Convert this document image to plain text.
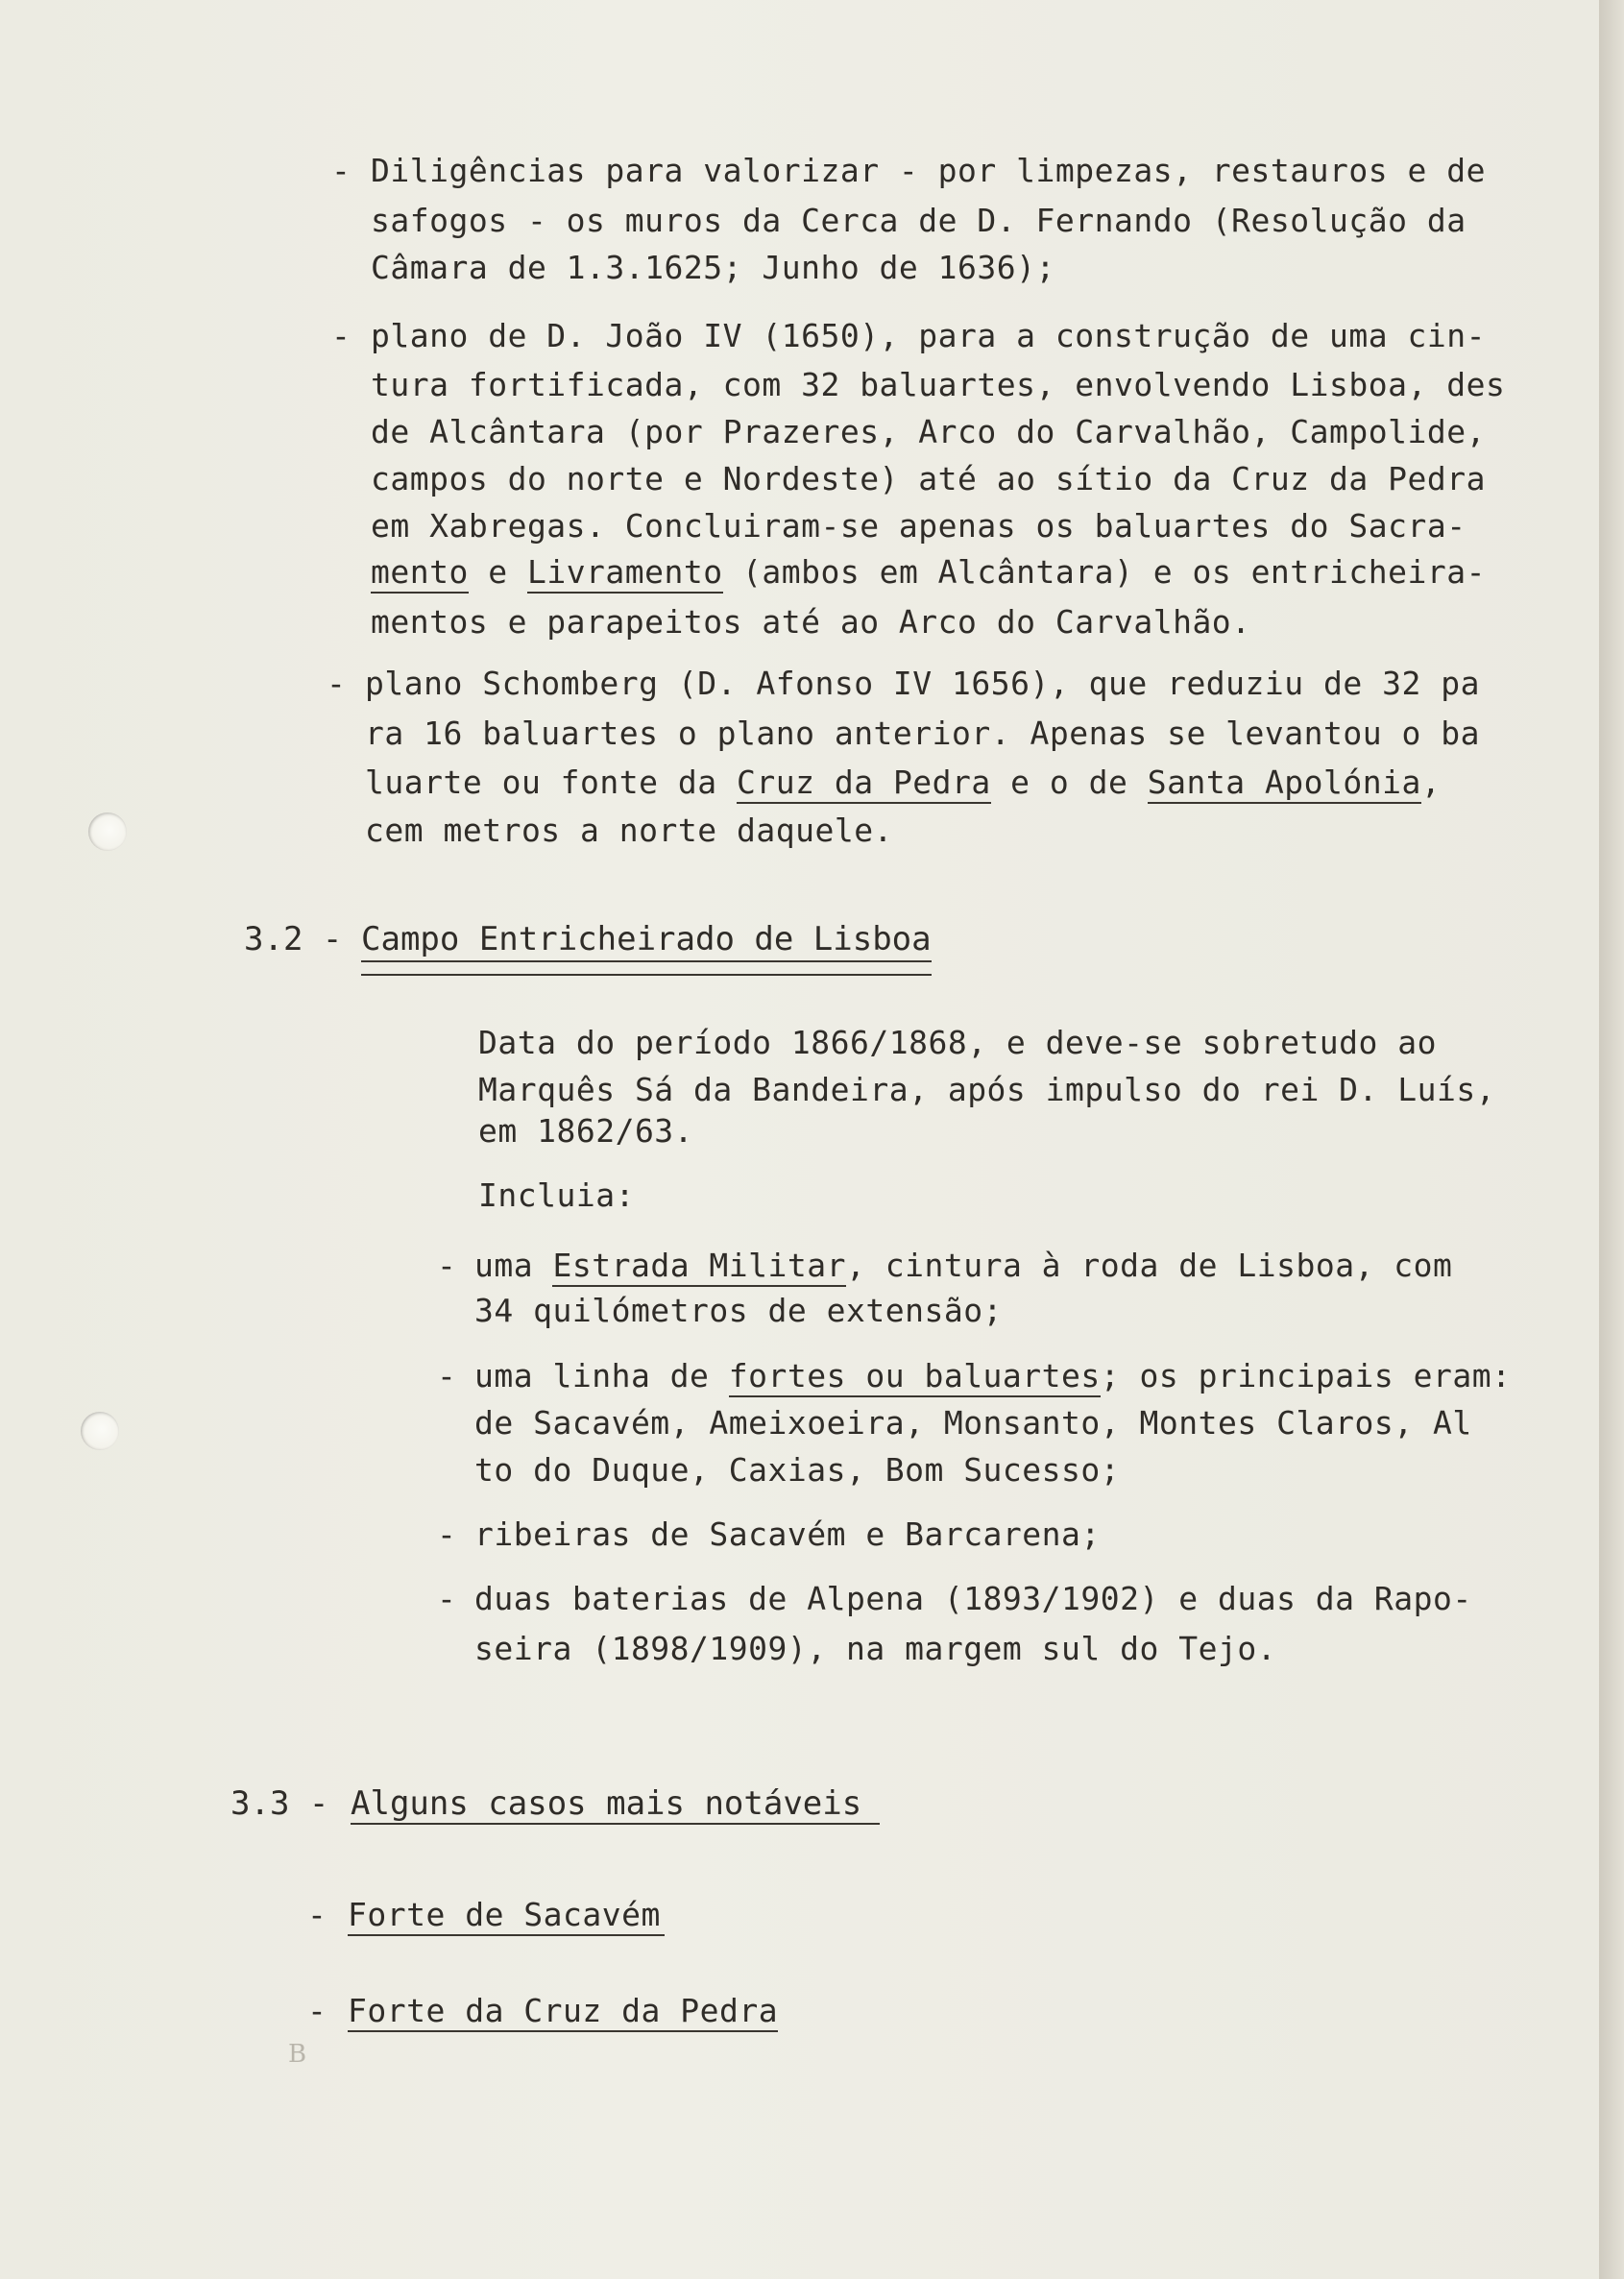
- Diligências para valorizar - por limpezas, restauros e de
safogos - os muros da Cerca de D. Fernando (Resolução da
Câmara de 1.3.1625; Junho de 1636);
- plano de D. João IV (1650), para a construção de uma cin-
tura fortificada, com 32 baluartes, envolvendo Lisboa, des
de Alcântara (por Prazeres, Arco do Carvalhão, Campolide,
campos do norte e Nordeste) até ao sítio da Cruz da Pedra
em Xabregas. Concluiram-se apenas os baluartes do Sacra-
mento e Livramento (ambos em Alcântara) e os entricheira-
mentos e parapeitos até ao Arco do Carvalhão.
- plano Schomberg (D. Afonso IV 1656), que reduziu de 32 pa
ra 16 baluartes o plano anterior. Apenas se levantou o ba
luarte ou fonte da Cruz da Pedra e o de Santa Apolónia,
cem metros a norte daquele.
3.2 - Campo Entricheirado de Lisboa
Data do período 1866/1868, e deve-se sobretudo ao
Marquês Sá da Bandeira, após impulso do rei D. Luís,
em 1862/63.
Incluia:
- uma Estrada Militar, cintura à roda de Lisboa, com
34 quilómetros de extensão;
- uma linha de fortes ou baluartes; os principais eram:
de Sacavém, Ameixoeira, Monsanto, Montes Claros, Al
to do Duque, Caxias, Bom Sucesso;
- ribeiras de Sacavém e Barcarena;
- duas baterias de Alpena (1893/1902) e duas da Rapo-
seira (1898/1909), na margem sul do Tejo.
3.3 - Alguns casos mais notáveis
- Forte de Sacavém
- Forte da Cruz da Pedra
B
